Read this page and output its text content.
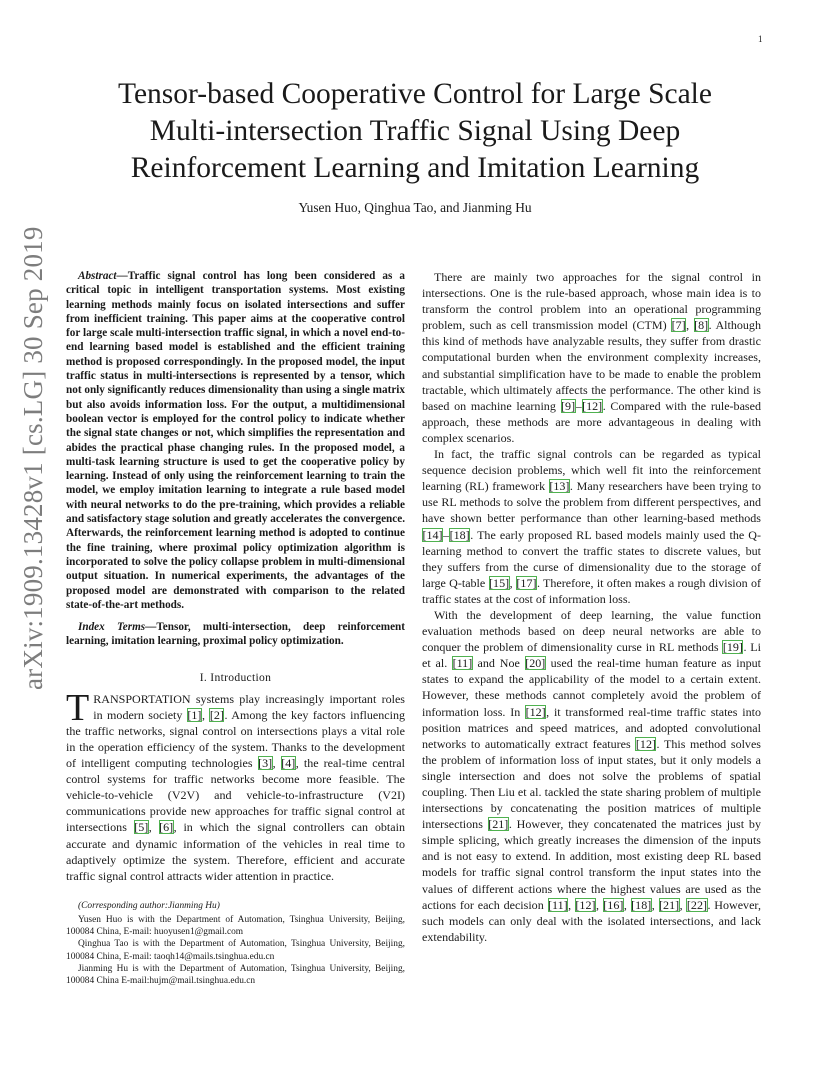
1
arXiv:1909.13428v1 [cs.LG] 30 Sep 2019
Tensor-based Cooperative Control for Large Scale
Multi-intersection Traffic Signal Using Deep
Reinforcement Learning and Imitation Learning
Yusen Huo, Qinghua Tao, and Jianming Hu

Abstract—Traffic signal control has long been considered as a critical topic in intelligent transportation systems. Most existing learning methods mainly focus on isolated intersections and suffer from inefficient training. This paper aims at the cooperative control for large scale multi-intersection traffic signal, in which a novel end-to-end learning based model is established and the efficient training method is proposed correspondingly. In the proposed model, the input traffic status in multi-intersections is represented by a tensor, which not only significantly reduces dimensionality than using a single matrix but also avoids information loss. For the output, a multidimensional boolean vector is employed for the control policy to indicate whether the signal state changes or not, which simplifies the representation and abides the practical phase changing rules. In the proposed model, a multi-task learning structure is used to get the cooperative policy by learning. Instead of only using the reinforcement learning to train the model, we employ imitation learning to integrate a rule based model with neural networks to do the pre-training, which provides a reliable and satisfactory stage solution and greatly accelerates the convergence. Afterwards, the reinforcement learning method is adopted to continue the fine training, where proximal policy optimization algorithm is incorporated to solve the policy collapse problem in multi-dimensional output situation. In numerical experiments, the advantages of the proposed model are demonstrated with comparison to the related state-of-the-art methods.

Index Terms—Tensor, multi-intersection, deep reinforcement learning, imitation learning, proximal policy optimization.

I. Introduction

TRANSPORTATION systems play increasingly important roles in modern society [1], [2]. Among the key factors influencing the traffic networks, signal control on intersections plays a vital role in the operation efficiency of the system. Thanks to the development of intelligent computing technologies [3], [4], the real-time central control systems for traffic networks become more feasible. The vehicle-to-vehicle (V2V) and vehicle-to-infrastructure (V2I) communications provide new approaches for traffic signal control at intersections [5], [6], in which the signal controllers can obtain accurate and dynamic information of the vehicles in real time to adaptively optimize the system. Therefore, efficient and accurate traffic signal control attracts wider attention in practice.

(Corresponding author:Jianming Hu)

Yusen Huo is with the Department of Automation, Tsinghua University, Beijing, 100084 China, E-mail: huoyusen1@gmail.com

Qinghua Tao is with the Department of Automation, Tsinghua University, Beijing, 100084 China, E-mail: taoqh14@mails.tsinghua.edu.cn

Jianming Hu is with the Department of Automation, Tsinghua University, Beijing, 100084 China E-mail:hujm@mail.tsinghua.edu.cn

There are mainly two approaches for the signal control in intersections. One is the rule-based approach, whose main idea is to transform the control problem into an operational programming problem, such as cell transmission model (CTM) [7], [8]. Although this kind of methods have analyzable results, they suffer from drastic computational burden when the environment complexity increases, and substantial simplification have to be made to enable the problem tractable, which ultimately affects the performance. The other kind is based on machine learning [9]–[12]. Compared with the rule-based approach, these methods are more advantageous in dealing with complex scenarios.

In fact, the traffic signal controls can be regarded as typical sequence decision problems, which well fit into the reinforcement learning (RL) framework [13]. Many researchers have been trying to use RL methods to solve the problem from different perspectives, and have shown better performance than other learning-based methods [14]–[18]. The early proposed RL based models mainly used the Q-learning method to convert the traffic states to discrete values, but they suffers from the curse of dimensionality due to the storage of large Q-table [15], [17]. Therefore, it often makes a rough division of traffic states at the cost of information loss.

With the development of deep learning, the value function evaluation methods based on deep neural networks are able to conquer the problem of dimensionality curse in RL methods [19]. Li et al. [11] and Noe [20] used the real-time human feature as input states to expand the applicability of the model to a certain extent. However, these methods cannot completely avoid the problem of information loss. In [12], it transformed real-time traffic states into position matrices and speed matrices, and adopted convolutional networks to automatically extract features [12]. This method solves the problem of information loss of input states, but it only models a single intersection and does not solve the problems of spatial coupling. Then Liu et al. tackled the state sharing problem of multiple intersections by concatenating the position matrices of multiple intersections [21]. However, they concatenated the matrices just by simple splicing, which greatly increases the dimension of the inputs and is not easy to extend. In addition, most existing deep RL based models for traffic signal control transform the input states into the values of different actions where the highest values are used as the actions for each decision [11], [12], [16], [18], [21], [22]. However, such models can only deal with the isolated intersections, and lack extendability.
